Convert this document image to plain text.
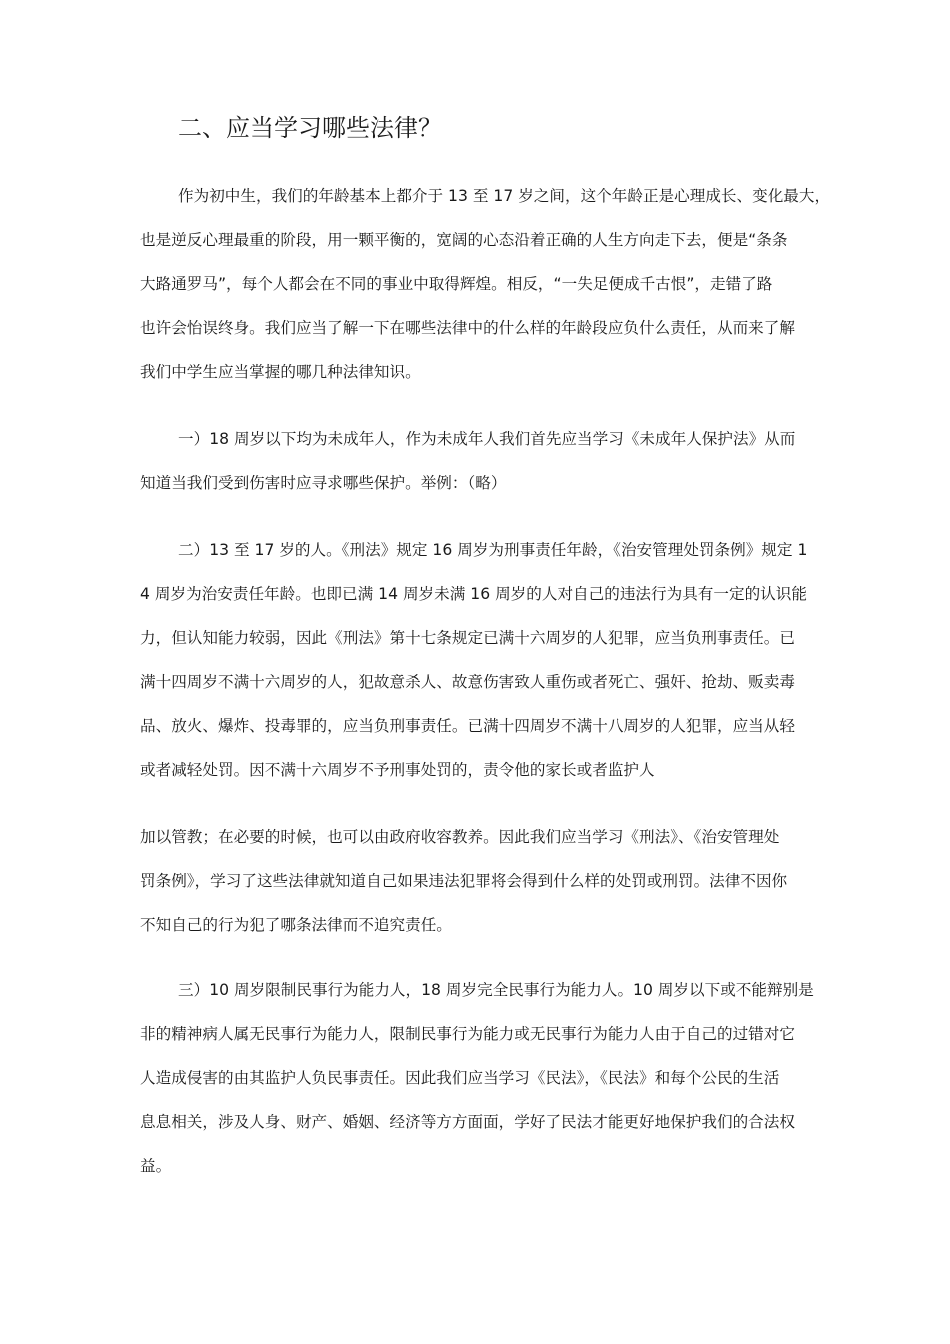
二、应当学习哪些法律？

作为初中生，我们的年龄基本上都介于 13 至 17 岁之间，这个年龄正是心理成长、变化最大，
也是逆反心理最重的阶段，用一颗平衡的，宽阔的心态沿着正确的人生方向走下去，便是“条条
大路通罗马”，每个人都会在不同的事业中取得辉煌。相反，“一失足便成千古恨”，走错了路
也许会怡误终身。我们应当了解一下在哪些法律中的什么样的年龄段应负什么责任，从而来了解
我们中学生应当掌握的哪几种法律知识。

一）18 周岁以下均为未成年人，作为未成年人我们首先应当学习《未成年人保护法》从而
知道当我们受到伤害时应寻求哪些保护。举例：（略）

二）13 至 17 岁的人。《刑法》规定 16 周岁为刑事责任年龄，《治安管理处罚条例》规定 1
4 周岁为治安责任年龄。也即已满 14 周岁未满 16 周岁的人对自己的违法行为具有一定的认识能
力，但认知能力较弱，因此《刑法》第十七条规定已满十六周岁的人犯罪，应当负刑事责任。已
满十四周岁不满十六周岁的人，犯故意杀人、故意伤害致人重伤或者死亡、强奸、抢劫、贩卖毒
品、放火、爆炸、投毒罪的，应当负刑事责任。已满十四周岁不满十八周岁的人犯罪，应当从轻
或者减轻处罚。因不满十六周岁不予刑事处罚的，责令他的家长或者监护人

加以管教；在必要的时候，也可以由政府收容教养。因此我们应当学习《刑法》、《治安管理处
罚条例》，学习了这些法律就知道自己如果违法犯罪将会得到什么样的处罚或刑罚。法律不因你
不知自己的行为犯了哪条法律而不追究责任。

三）10 周岁限制民事行为能力人，18 周岁完全民事行为能力人。10 周岁以下或不能辩别是
非的精神病人属无民事行为能力人，限制民事行为能力或无民事行为能力人由于自己的过错对它
人造成侵害的由其监护人负民事责任。因此我们应当学习《民法》，《民法》和每个公民的生活
息息相关，涉及人身、财产、婚姻、经济等方方面面，学好了民法才能更好地保护我们的合法权
益。
